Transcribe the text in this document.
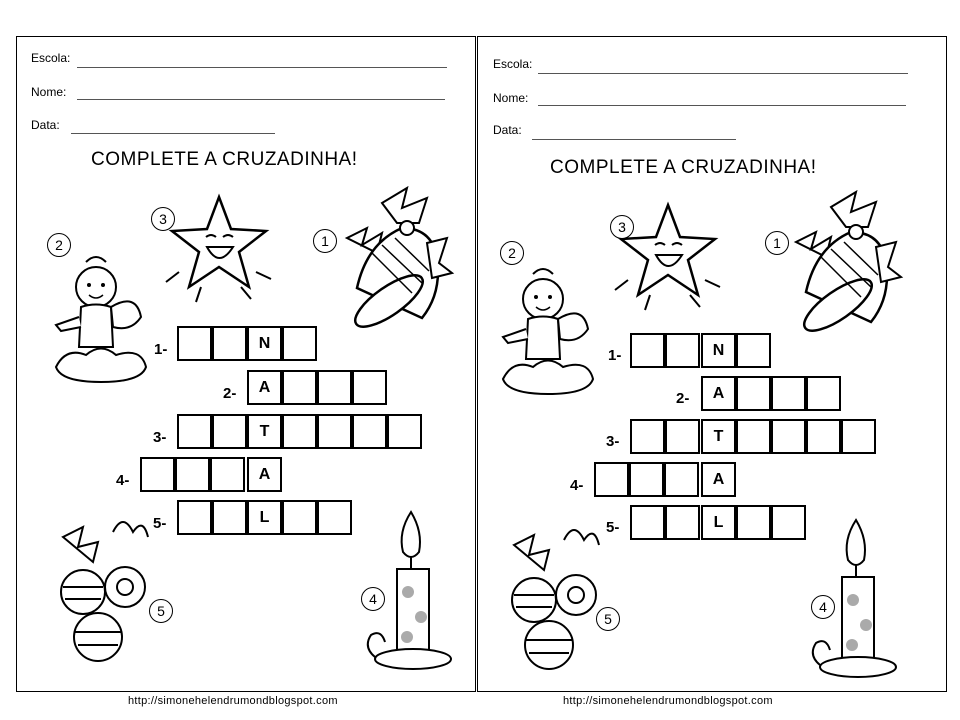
Escola:
Nome:
Data:
COMPLETE A CRUZADINHA!
1
2
3
4
5
1-	N
2-	A
3-	T
4-	A
5-	L
Escola:
Nome:
Data:
COMPLETE A CRUZADINHA!
1
2
3
4
5
1-	N
2-	A
3-	T
4-	A
5-	L
http://simonehelendrumondblogspot.com	http://simonehelendrumondblogspot.com
